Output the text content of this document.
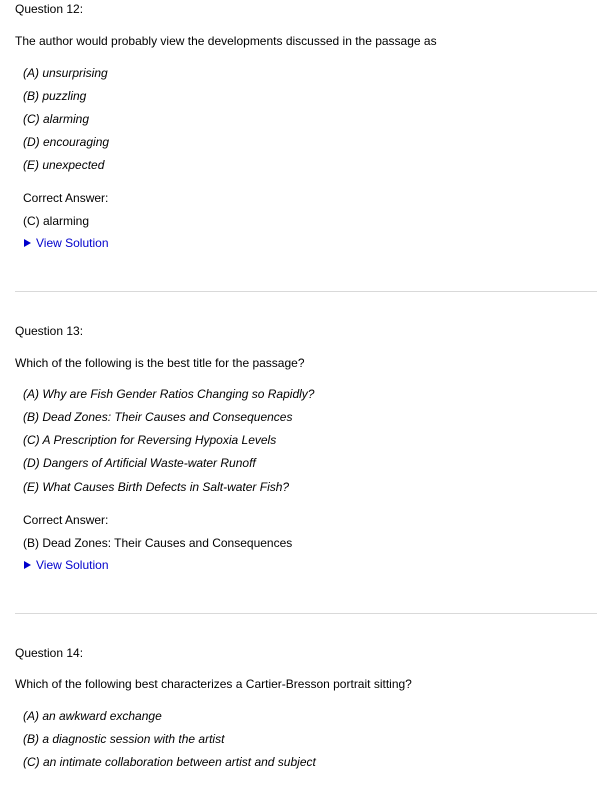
Question 12:
The author would probably view the developments discussed in the passage as
(A) unsurprising
(B) puzzling
(C) alarming
(D) encouraging
(E) unexpected
Correct Answer:
(C) alarming
View Solution
Question 13:
Which of the following is the best title for the passage?
(A) Why are Fish Gender Ratios Changing so Rapidly?
(B) Dead Zones: Their Causes and Consequences
(C) A Prescription for Reversing Hypoxia Levels
(D) Dangers of Artificial Waste-water Runoff
(E) What Causes Birth Defects in Salt-water Fish?
Correct Answer:
(B) Dead Zones: Their Causes and Consequences
View Solution
Question 14:
Which of the following best characterizes a Cartier-Bresson portrait sitting?
(A) an awkward exchange
(B) a diagnostic session with the artist
(C) an intimate collaboration between artist and subject
